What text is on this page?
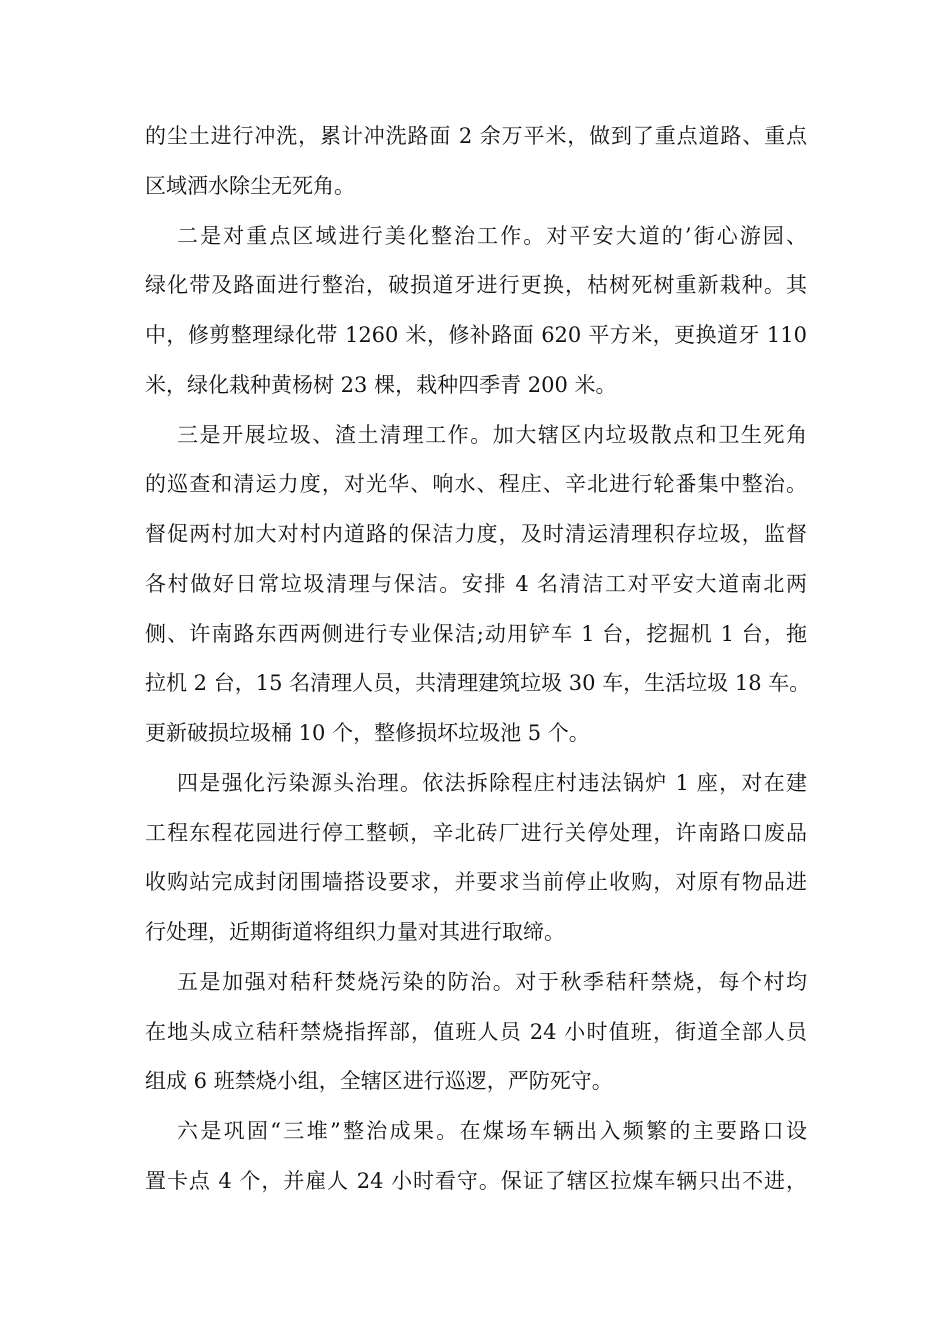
的尘土进行冲洗，累计冲洗路面 2 余万平米，做到了重点道路、重点
区域洒水除尘无死角。
二是对重点区域进行美化整治工作。对平安大道的’街心游园、
绿化带及路面进行整治，破损道牙进行更换，枯树死树重新栽种。其
中，修剪整理绿化带 1260 米，修补路面 620 平方米，更换道牙 110
米，绿化栽种黄杨树 23 棵，栽种四季青 200 米。
三是开展垃圾、渣土清理工作。加大辖区内垃圾散点和卫生死角
的巡查和清运力度，对光华、响水、程庄、辛北进行轮番集中整治。
督促两村加大对村内道路的保洁力度，及时清运清理积存垃圾，监督
各村做好日常垃圾清理与保洁。安排 4 名清洁工对平安大道南北两
侧、许南路东西两侧进行专业保洁;动用铲车 1 台，挖掘机 1 台，拖
拉机 2 台，15 名清理人员，共清理建筑垃圾 30 车，生活垃圾 18 车。
更新破损垃圾桶 10 个，整修损坏垃圾池 5 个。
四是强化污染源头治理。依法拆除程庄村违法锅炉 1 座，对在建
工程东程花园进行停工整顿，辛北砖厂进行关停处理，许南路口废品
收购站完成封闭围墙搭设要求，并要求当前停止收购，对原有物品进
行处理，近期街道将组织力量对其进行取缔。
五是加强对秸秆焚烧污染的防治。对于秋季秸秆禁烧，每个村均
在地头成立秸秆禁烧指挥部，值班人员 24 小时值班，街道全部人员
组成 6 班禁烧小组，全辖区进行巡逻，严防死守。
六是巩固“三堆”整治成果。在煤场车辆出入频繁的主要路口设
置卡点 4 个，并雇人 24 小时看守。保证了辖区拉煤车辆只出不进，
